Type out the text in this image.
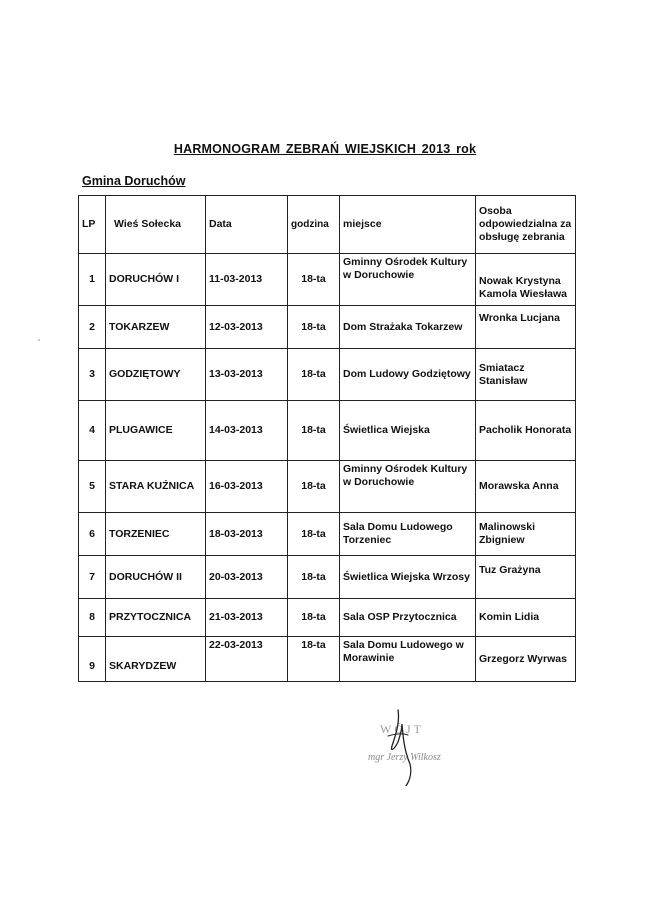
HARMONOGRAM ZEBRAŃ WIEJSKICH 2013 rok
Gmina Doruchów
LP	Wieś Sołecka	Data	godzina	miejsce	Osoba odpowiedzialna za obsługę zebrania
1	DORUCHÓW I	11-03-2013	18-ta	Gminny Ośrodek Kultury w Doruchowie	Nowak Krystyna Kamola Wiesława
2	TOKARZEW	12-03-2013	18-ta	Dom Strażaka Tokarzew	Wronka Lucjana
3	GODZIĘTOWY	13-03-2013	18-ta	Dom Ludowy Godziętowy	Smiatacz Stanisław
4	PLUGAWICE	14-03-2013	18-ta	Świetlica Wiejska	Pacholik Honorata
5	STARA KUŹNICA	16-03-2013	18-ta	Gminny Ośrodek Kultury w Doruchowie	Morawska Anna
6	TORZENIEC	18-03-2013	18-ta	Sala Domu Ludowego Torzeniec	Malinowski Zbigniew
7	DORUCHÓW II	20-03-2013	18-ta	Świetlica Wiejska Wrzosy	Tuz Grażyna
8	PRZYTOCZNICA	21-03-2013	18-ta	Sala OSP Przytocznica	Komin Lidia
9	SKARYDZEW	22-03-2013	18-ta	Sala Domu Ludowego w Morawinie	Grzegorz Wyrwas
ʻ
WÓJT
mgr Jerzy Wilkosz
